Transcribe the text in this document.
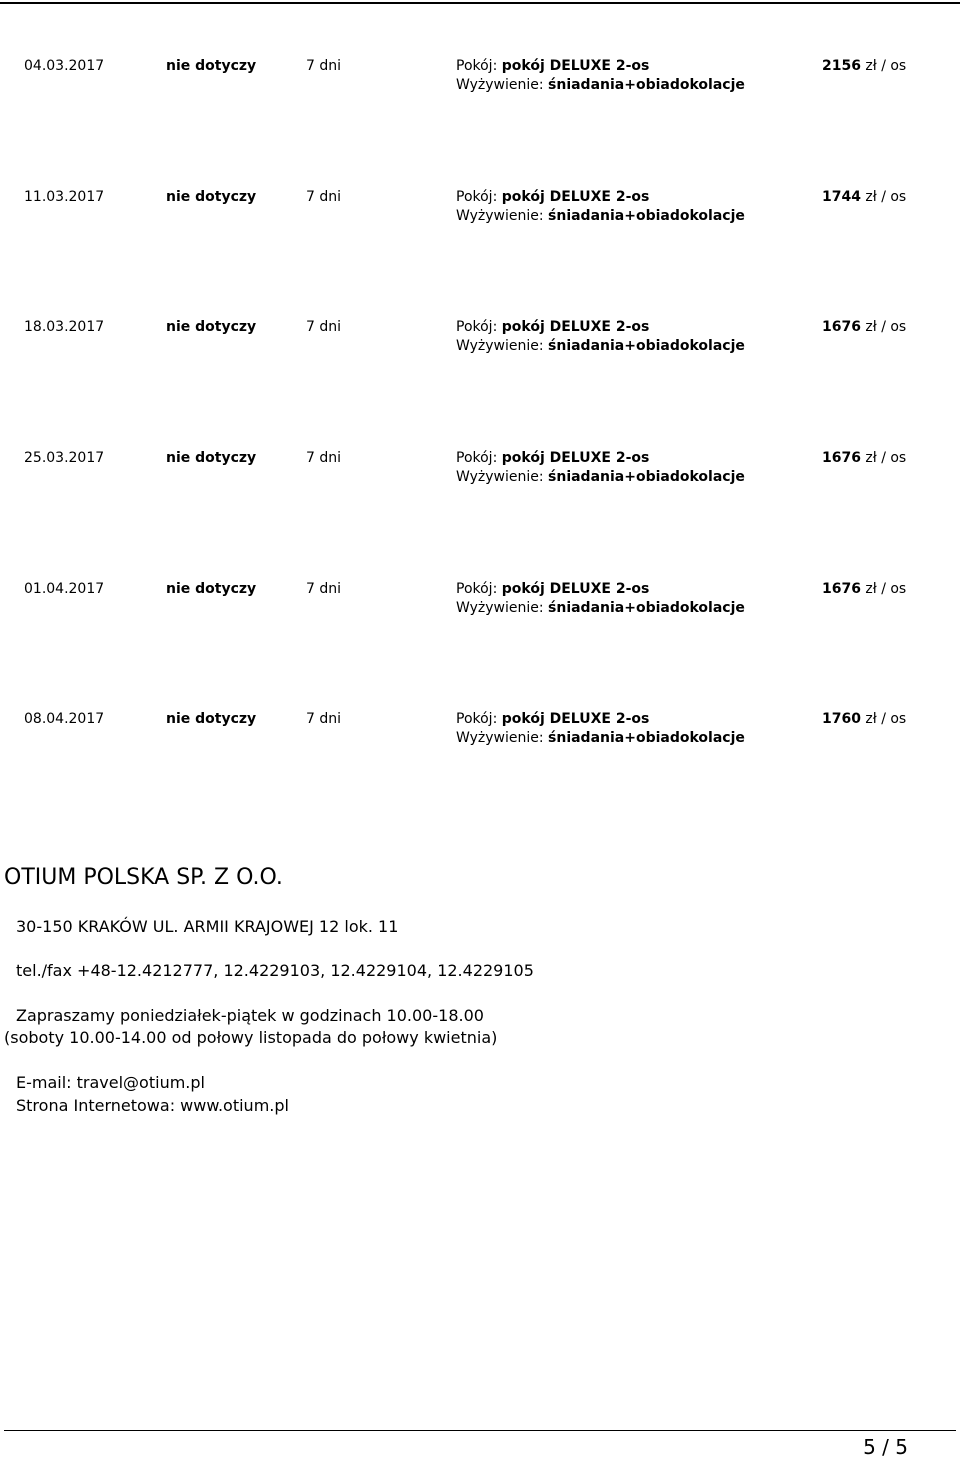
04.03.2017	nie dotyczy	7 dni	Pokój: pokój DELUXE 2-os
Wyżywienie: śniadania+obiadokolacje
2156 zł / os
11.03.2017	nie dotyczy	7 dni	Pokój: pokój DELUXE 2-os
Wyżywienie: śniadania+obiadokolacje
1744 zł / os
18.03.2017	nie dotyczy	7 dni	Pokój: pokój DELUXE 2-os
Wyżywienie: śniadania+obiadokolacje
1676 zł / os
25.03.2017	nie dotyczy	7 dni	Pokój: pokój DELUXE 2-os
Wyżywienie: śniadania+obiadokolacje
1676 zł / os
01.04.2017	nie dotyczy	7 dni	Pokój: pokój DELUXE 2-os
Wyżywienie: śniadania+obiadokolacje
1676 zł / os
08.04.2017	nie dotyczy	7 dni	Pokój: pokój DELUXE 2-os
Wyżywienie: śniadania+obiadokolacje
1760 zł / os
OTIUM POLSKA SP. Z O.O.
30-150 KRAKÓW UL. ARMII KRAJOWEJ 12 lok. 11
tel./fax +48-12.4212777, 12.4229103, 12.4229104, 12.4229105
Zapraszamy poniedziałek-piątek w godzinach 10.00-18.00
(soboty 10.00-14.00 od połowy listopada do połowy kwietnia)
E-mail: travel@otium.pl
Strona Internetowa: www.otium.pl
5 / 5
